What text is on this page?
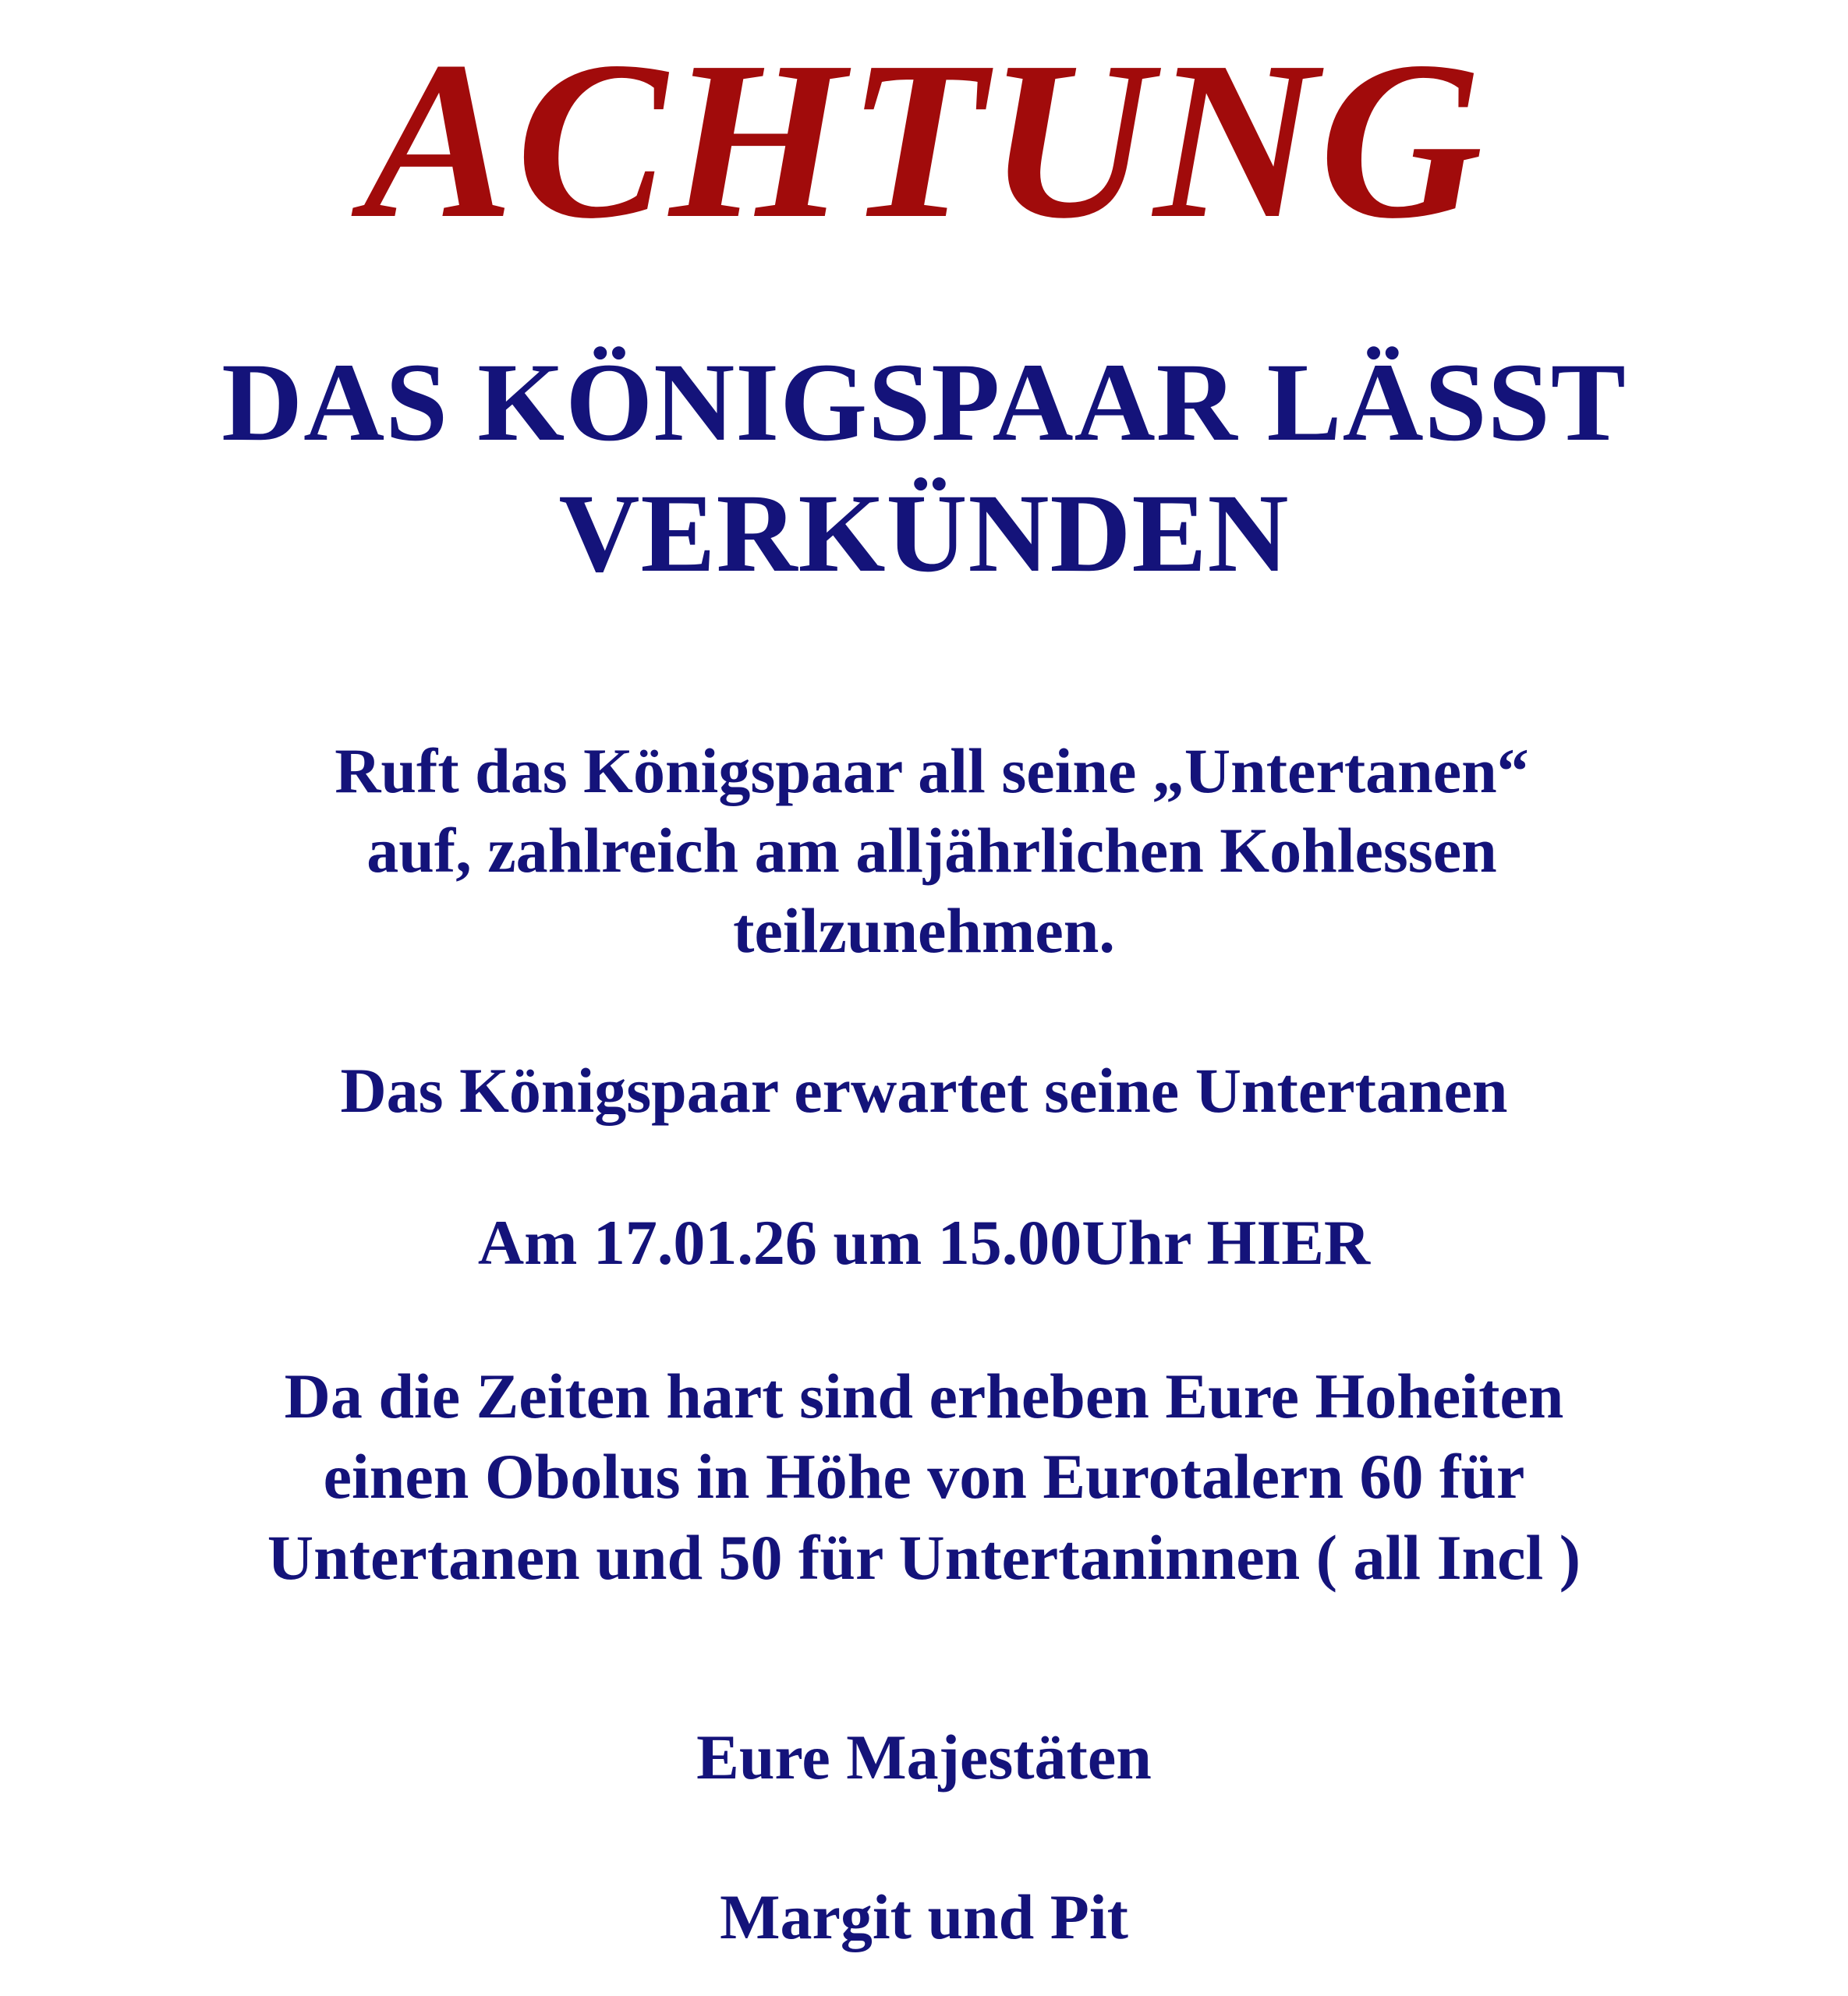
ACHTUNG
DAS KÖNIGSPAAR LÄSST
VERKÜNDEN
Ruft das Königspaar all seine „Untertanen“
auf, zahlreich am alljährlichen Kohlessen
teilzunehmen.
Das Königspaar erwartet seine Untertanen
Am 17.01.26 um 15.00Uhr HIER
Da die Zeiten hart sind erheben Eure Hoheiten
einen Obolus in Höhe von Eurotalern 60 für
Untertanen und 50 für Untertaninnen ( all Incl )
Eure Majestäten
Margit und Pit
